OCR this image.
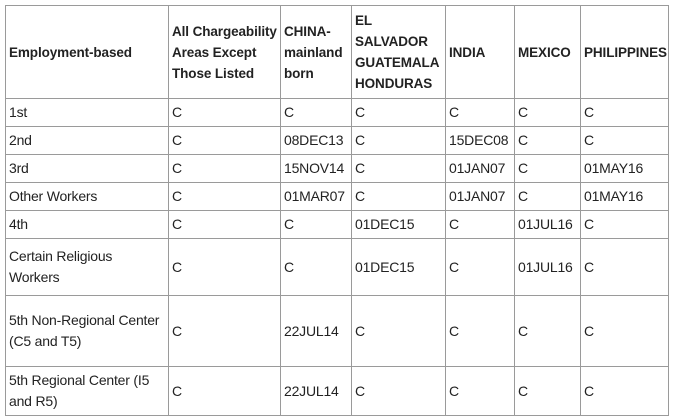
Employment-based	All Chargeability Areas Except Those Listed	CHINA-mainland born	EL SALVADOR GUATEMALA HONDURAS	INDIA	MEXICO	PHILIPPINES
1st	C	C	C	C	C	C
2nd	C	08DEC13	C	15DEC08	C	C
3rd	C	15NOV14	C	01JAN07	C	01MAY16
Other Workers	C	01MAR07	C	01JAN07	C	01MAY16
4th	C	C	01DEC15	C	01JUL16	C
Certain Religious Workers	C	C	01DEC15	C	01JUL16	C
5th Non-Regional Center (C5 and T5)	C	22JUL14	C	C	C	C
5th Regional Center (I5 and R5)	C	22JUL14	C	C	C	C
